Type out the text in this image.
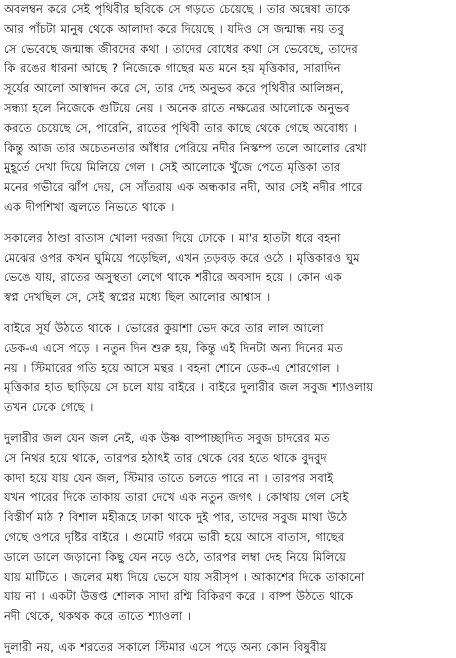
অবলম্বন করে সেই পৃথিবীর ছবিকে সে গড়তে চেয়েছে । তার অন্বেষা তাকে
আর পাঁচটা মানুষ থেকে আলাদা করে দিয়েছে । যদিও সে জন্মান্ধ নয় তবু
সে ভেবেছে জন্মান্ধ জীবদের কথা । তাদের বোধের কথা সে ভেবেছে, তাদের
কি রঙের ধারনা আছে ? নিজেকে গাছের মত মনে হয় মৃত্তিকার, সারাদিন
সূর্যের আলো আস্বাদন করে সে, তার দেহ অনুভব করে পৃথিবীর আলিঙ্গন,
সন্ধ্যা হলে নিজেকে গুটিয়ে নেয় । অনেক রাতে নক্ষত্রের আলোকে অনুভব
করতে চেয়েছে সে, পারেনি, রাতের পৃথিবী তার কাছে থেকে গেছে অবোধ্য ।
কিন্তু আজ তার অচেতনতার আঁধার পেরিয়ে নদীর নিস্কম্প তলে আলোর রেখা
মুহূর্তে দেখা দিয়ে মিলিয়ে গেল । সেই আলোকে খুঁজে পেতে মৃত্তিকা তার
মনের গভীরে ঝাঁপ দেয়, সে সাঁতরায় এক অন্ধকার নদী, আর সেই নদীর পারে
এক দীপশিখা জ্বলতে নিভতে থাকে ।

সকালের ঠাণ্ডা বাতাস খোলা দরজা দিয়ে ঢোকে । মা'র হাতটা ধরে বহনা
মেঝের ওপর কখন ঘুমিয়ে পড়েছিল, এখন ত়ড়বড় করে ওঠে । মৃত্তিকারও ঘুম
ভেঙে যায়, রাতের অসুস্থতা লেগে থাকে শরীরে অবসাদ হয়ে । কোন এক
স্বপ্ন দেখছিল সে, সেই স্বপ্নের মধ্যে ছিল আলোর আশ্বাস ।

বাইরে সূর্য উঠতে থাকে । ভোরের কুয়াশা ভেদ করে তার লাল আলো
ডেক-এ এসে পড়ে । নতুন দিন শুরু হয়, কিন্তু এই দিনটা অন্য দিনের মত
নয় । স্টিমারের গতি হয়ে আসে মন্থর । বহনা শোনে ডেক-এ শোরগোল ।
মৃত্তিকার হাত ছাড়িয়ে সে চলে যায় বাইরে । বাইরে দুলারীর জল সবুজ শ্যাওলায়
তখন ঢেকে গেছে ।

দুলারীর জল যেন জল নেই, এক উষ্ণ বাষ্পাচ্ছাদিত সবুজ চাদরের মত
সে নিথর হয়ে থাকে, তারপর হঠাৎই তার থেকে বের হতে থাকে বুদবুদ
কাদা হয়ে যায় যেন জল, স্টিমার তাতে চলতে পারে না । তারপর সবাই
যখন পারের দিকে তাকায় তারা দেখে এক নতুন জগৎ । কোথায় গেল সেই
বিস্তীর্ণ মাঠ ? বিশাল মহীরূহে ঢাকা থাকে দুই পার, তাদের সবুজ মাথা উঠে
গেছে ওপরে দৃষ্টির বাইরে । গুমোট গরমে ভারী হয়ে আসে বাতাস, গাছের
ডালে ডালে জড়ানো কিছু যেন নড়ে ওঠে, তারপর লম্বা দেহ নিয়ে মিলিয়ে
যায় মাটিতে । জলের মধ্য দিয়ে ভেসে যায় সরীসৃপ । আকাশের দিকে তাকানো
যায় না । একটা উত্তপ্ত শোলক সাদা রশ্মি বিকিরণ করে । বাষ্প উঠতে থাকে
নদী থেকে, থকথক করে তাতে শ্যাওলা ।

দুলারী নয়, এক শরতের সকালে স্টিমার এসে পড়ে অন্য কোন বিষুবীয়
